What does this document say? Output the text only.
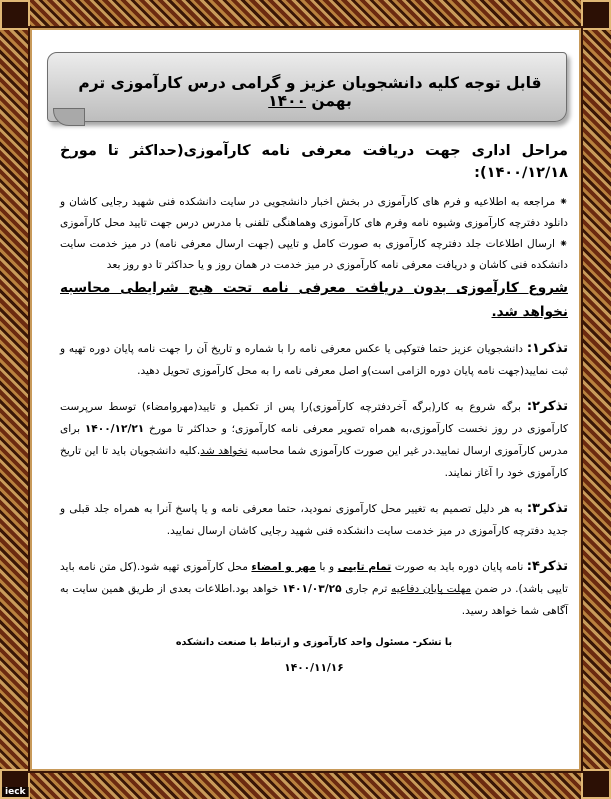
قابل توجه کلیه دانشجویان عزیز و گرامی درس کارآموزی ترم بهمن ۱۴۰۰
مراحل اداری جهت دریافت معرفی نامه کارآموزی(حداکثر تا مورخ ۱۴۰۰/۱۲/۱۸):

⁕ مراجعه به اطلاعیه و فرم های کارآموزی در بخش اخبار دانشجویی در سایت دانشکده فنی شهید رجایی کاشان و دانلود دفترچه کارآموزی وشیوه نامه وفرم های کارآموزی وهماهنگی تلفنی با مدرس درس جهت تایید محل کارآموزی ⁕ ارسال اطلاعات جلد دفترچه کارآموزی به صورت کامل و تایپی (جهت ارسال معرفی نامه) در میز خدمت سایت دانشکده فنی کاشان و دریافت معرفی نامه کارآموزی در میز خدمت در همان روز و یا حداکثر تا دو روز بعد

شروع کارآموزی بدون دریافت معرفی نامه تحت هیچ شرایطی محاسبه نخواهد شد.

تذکر۱: دانشجویان عزیز حتما فتوکپی یا عکس معرفی نامه را با شماره و تاریخ آن را جهت نامه پایان دوره تهیه و ثبت نمایید(جهت نامه پایان دوره الزامی است)و اصل معرفی نامه را به محل کارآموزی تحویل دهید.

تذکر۲: برگه شروع به کار(برگه آخردفترچه کارآموزی)را پس از تکمیل و تایید(مهروامضاء) توسط سرپرست کارآموزی در روز نخست کارآموزی،به همراه تصویر معرفی نامه کارآموزی؛ و حداکثر تا مورخ ۱۴۰۰/۱۲/۲۱ برای مدرس کارآموزی ارسال نمایید.در غیر این صورت کارآموزی شما محاسبه نخواهد شد.کلیه دانشجویان باید تا این تاریخ کارآموزی خود را آغاز نمایند.

تذکر۳: به هر دلیل تصمیم به تغییر محل کارآموزی نمودید، حتما معرفی نامه و یا پاسخ آنرا به همراه جلد قبلی و جدید دفترچه کارآموزی در میز خدمت سایت دانشکده فنی شهید رجایی کاشان ارسال نمایید.

تذکر۴: نامه پایان دوره باید به صورت تمام تایپی و با مهر و امضاء محل کارآموزی تهیه شود.(کل متن نامه باید تایپی باشد). در ضمن مهلت پایان دفاعیه ترم جاری ۱۴۰۱/۰۳/۲۵ خواهد بود.اطلاعات بعدی از طریق همین سایت به آگاهی شما خواهد رسید.

با تشکر- مسئول واحد کارآموزی و ارتباط با صنعت دانشکده
۱۴۰۰/۱۱/۱۶
ieck
